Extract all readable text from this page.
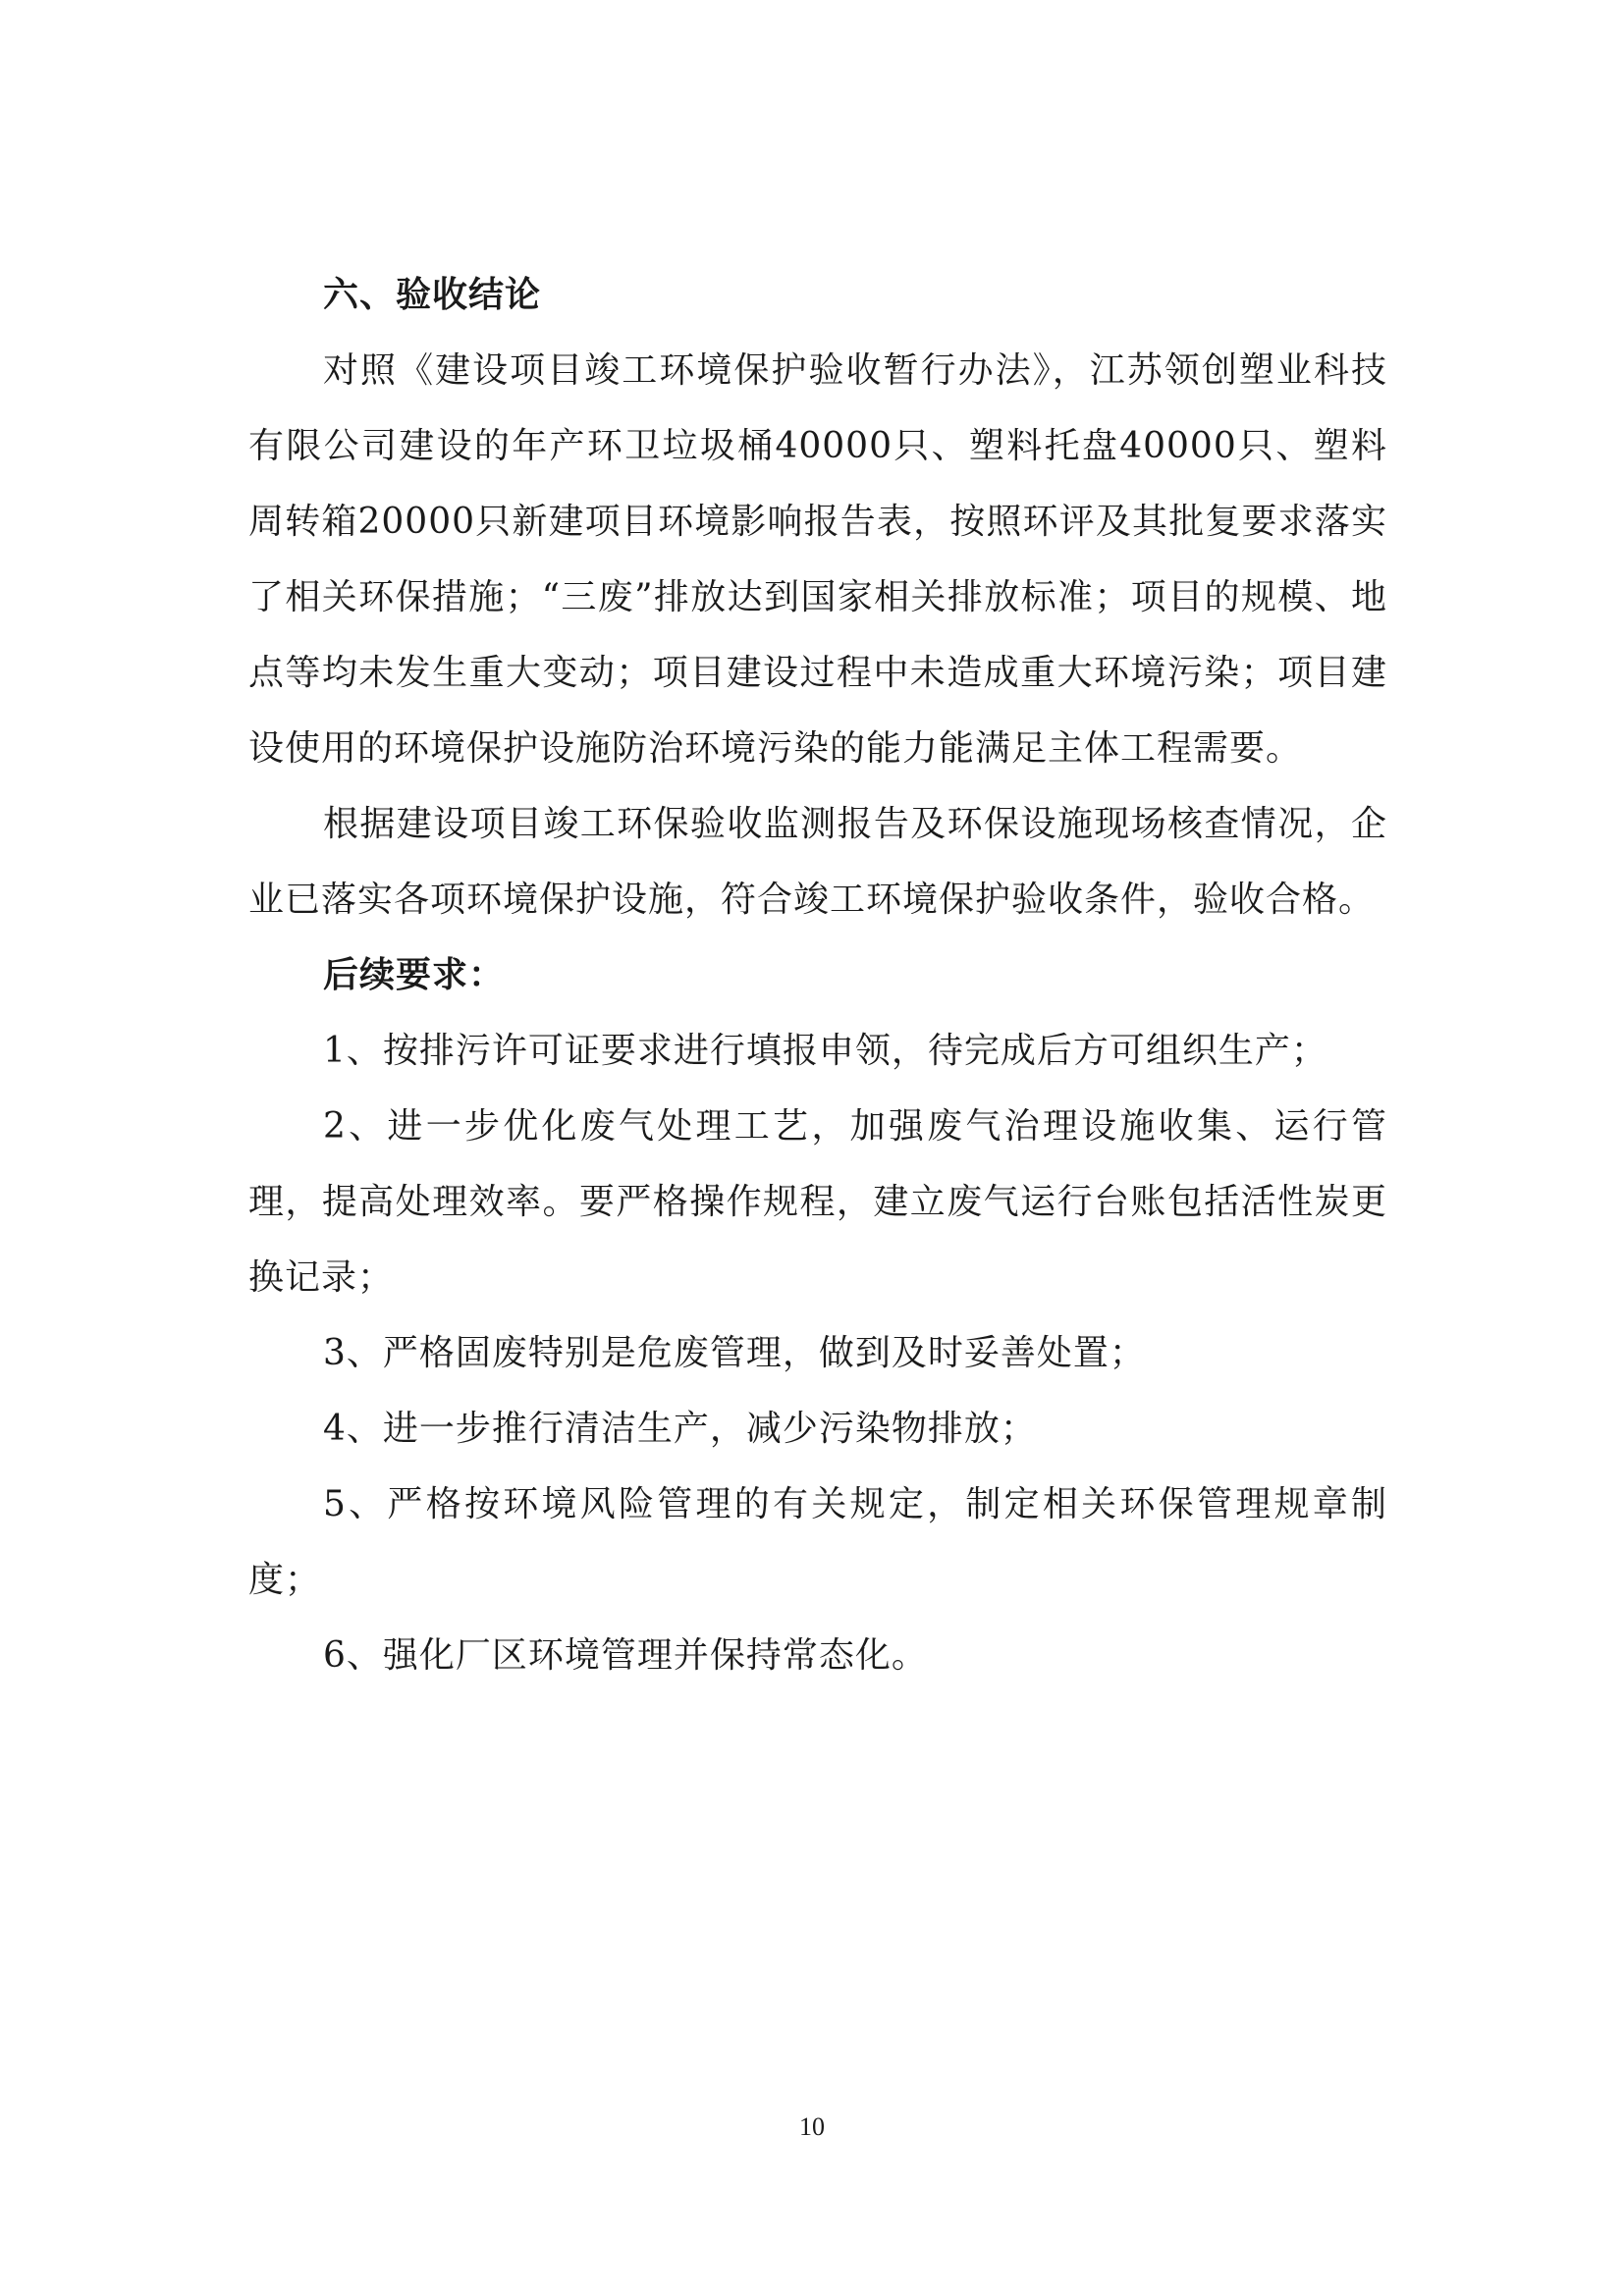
六、验收结论

对照《建设项目竣工环境保护验收暂行办法》，江苏领创塑业科技有限公司建设的年产环卫垃圾桶40000只、塑料托盘40000只、塑料周转箱20000只新建项目环境影响报告表，按照环评及其批复要求落实了相关环保措施；“三废”排放达到国家相关排放标准；项目的规模、地点等均未发生重大变动；项目建设过程中未造成重大环境污染；项目建设使用的环境保护设施防治环境污染的能力能满足主体工程需要。

根据建设项目竣工环保验收监测报告及环保设施现场核查情况，企业已落实各项环境保护设施，符合竣工环境保护验收条件，验收合格。

后续要求：

1、按排污许可证要求进行填报申领，待完成后方可组织生产；

2、进一步优化废气处理工艺，加强废气治理设施收集、运行管理，提高处理效率。要严格操作规程，建立废气运行台账包括活性炭更换记录；

3、严格固废特别是危废管理，做到及时妥善处置；

4、进一步推行清洁生产，减少污染物排放；

5、严格按环境风险管理的有关规定，制定相关环保管理规章制度；

6、强化厂区环境管理并保持常态化。

10
